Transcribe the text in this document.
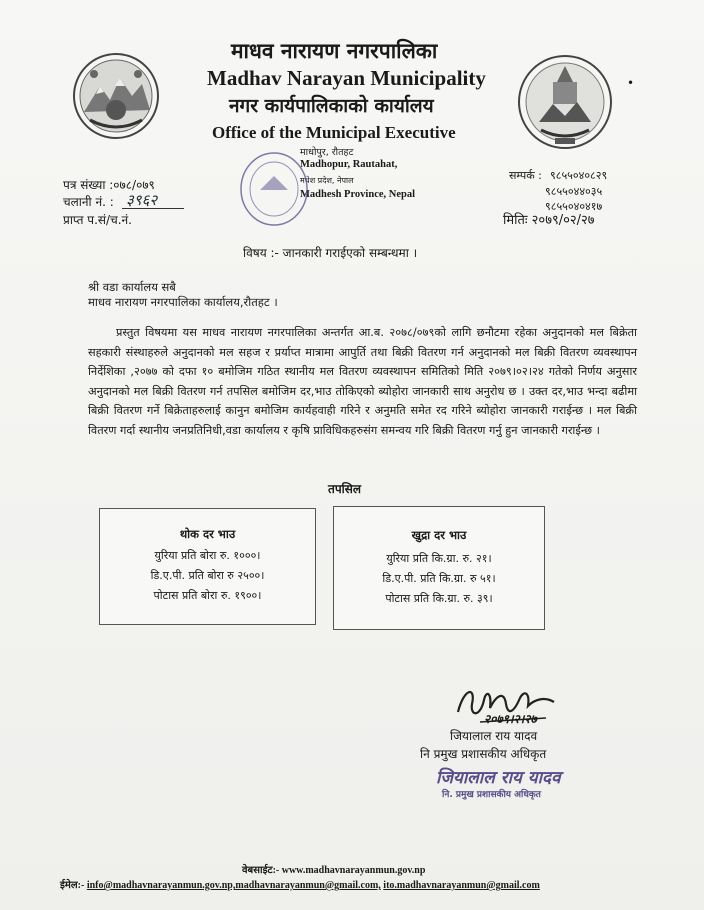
•
माधव नारायण नगरपालिका
Madhav Narayan Municipality
नगर कार्यपालिकाको कार्यालय
Office of the Municipal Executive
माधोपुर, रौतहट
Madhopur, Rautahat,
मधेश प्रदेश, नेपाल
Madhesh Province, Nepal
सम्पर्क : ९८५५०४०८२९
९८५५०४४०३५
९८५५०४०४१७
पत्र संख्या :०७८/०७९
चलानी नं. : ३९६२
प्राप्त प.सं/च.नं.	मितिः २०७९/०२/२७
विषय :- जानकारी गराईएको सम्बन्धमा ।
श्री वडा कार्यालय सबै
माधव नारायण नगरपालिका कार्यालय,रौतहट ।
प्रस्तुत विषयमा यस माधव नारायण नगरपालिका अन्तर्गत आ.ब. २०७८/०७९को लागि छनौटमा रहेका अनुदानको मल बिक्रेता सहकारी संस्थाहरुले अनुदानको मल सहज र प्रर्याप्त मात्रामा आपुर्ति तथा बिक्री वितरण गर्न अनुदानको मल बिक्री वितरण व्यवस्थापन निर्देशिका ,२०७७ को दफा १० बमोजिम गठित स्थानीय मल वितरण व्यवस्थापन समितिको मिति २०७९।०२।२४ गतेको निर्णय अनुसार अनुदानको मल बिक्री वितरण गर्न तपसिल बमोजिम दर,भाउ तोकिएको ब्योहोरा जानकारी साथ अनुरोध छ । उक्त दर,भाउ भन्दा बढीमा बिक्री वितरण गर्ने बिक्रेताहरुलाई कानुन बमोजिम कार्यहवाही गरिने र अनुमति समेत रद गरिने ब्योहोरा जानकारी गराईन्छ । मल बिक्री वितरण गर्दा स्थानीय जनप्रतिनिधी,वडा कार्यालय र कृषि प्राविधिकहरुसंग समन्वय गरि बिक्री वितरण गर्नु हुन जानकारी गराईन्छ ।
तपसिल
थोक दर भाउ
युरिया प्रति बोरा रु. १०००।
डि.ए.पी. प्रति बोरा रु २५००।
पोटास प्रति बोरा रु. १९००।
खुद्रा दर भाउ
युरिया प्रति कि.ग्रा. रु. २१।
डि.ए.पी. प्रति कि.ग्रा. रु ५१।
पोटास प्रति कि.ग्रा. रु. ३९।
२०७९।२।२७
जियालाल राय यादव
नि प्रमुख प्रशासकीय अधिकृत
जियालाल राय यादव
नि. प्रमुख प्रशासकीय अधिकृत
वेबसाईट:- www.madhavnarayanmun.gov.np
ईमेल:- info@madhavnarayanmun.gov.np,madhavnarayanmun@gmail.com, ito.madhavnarayanmun@gmail.com
